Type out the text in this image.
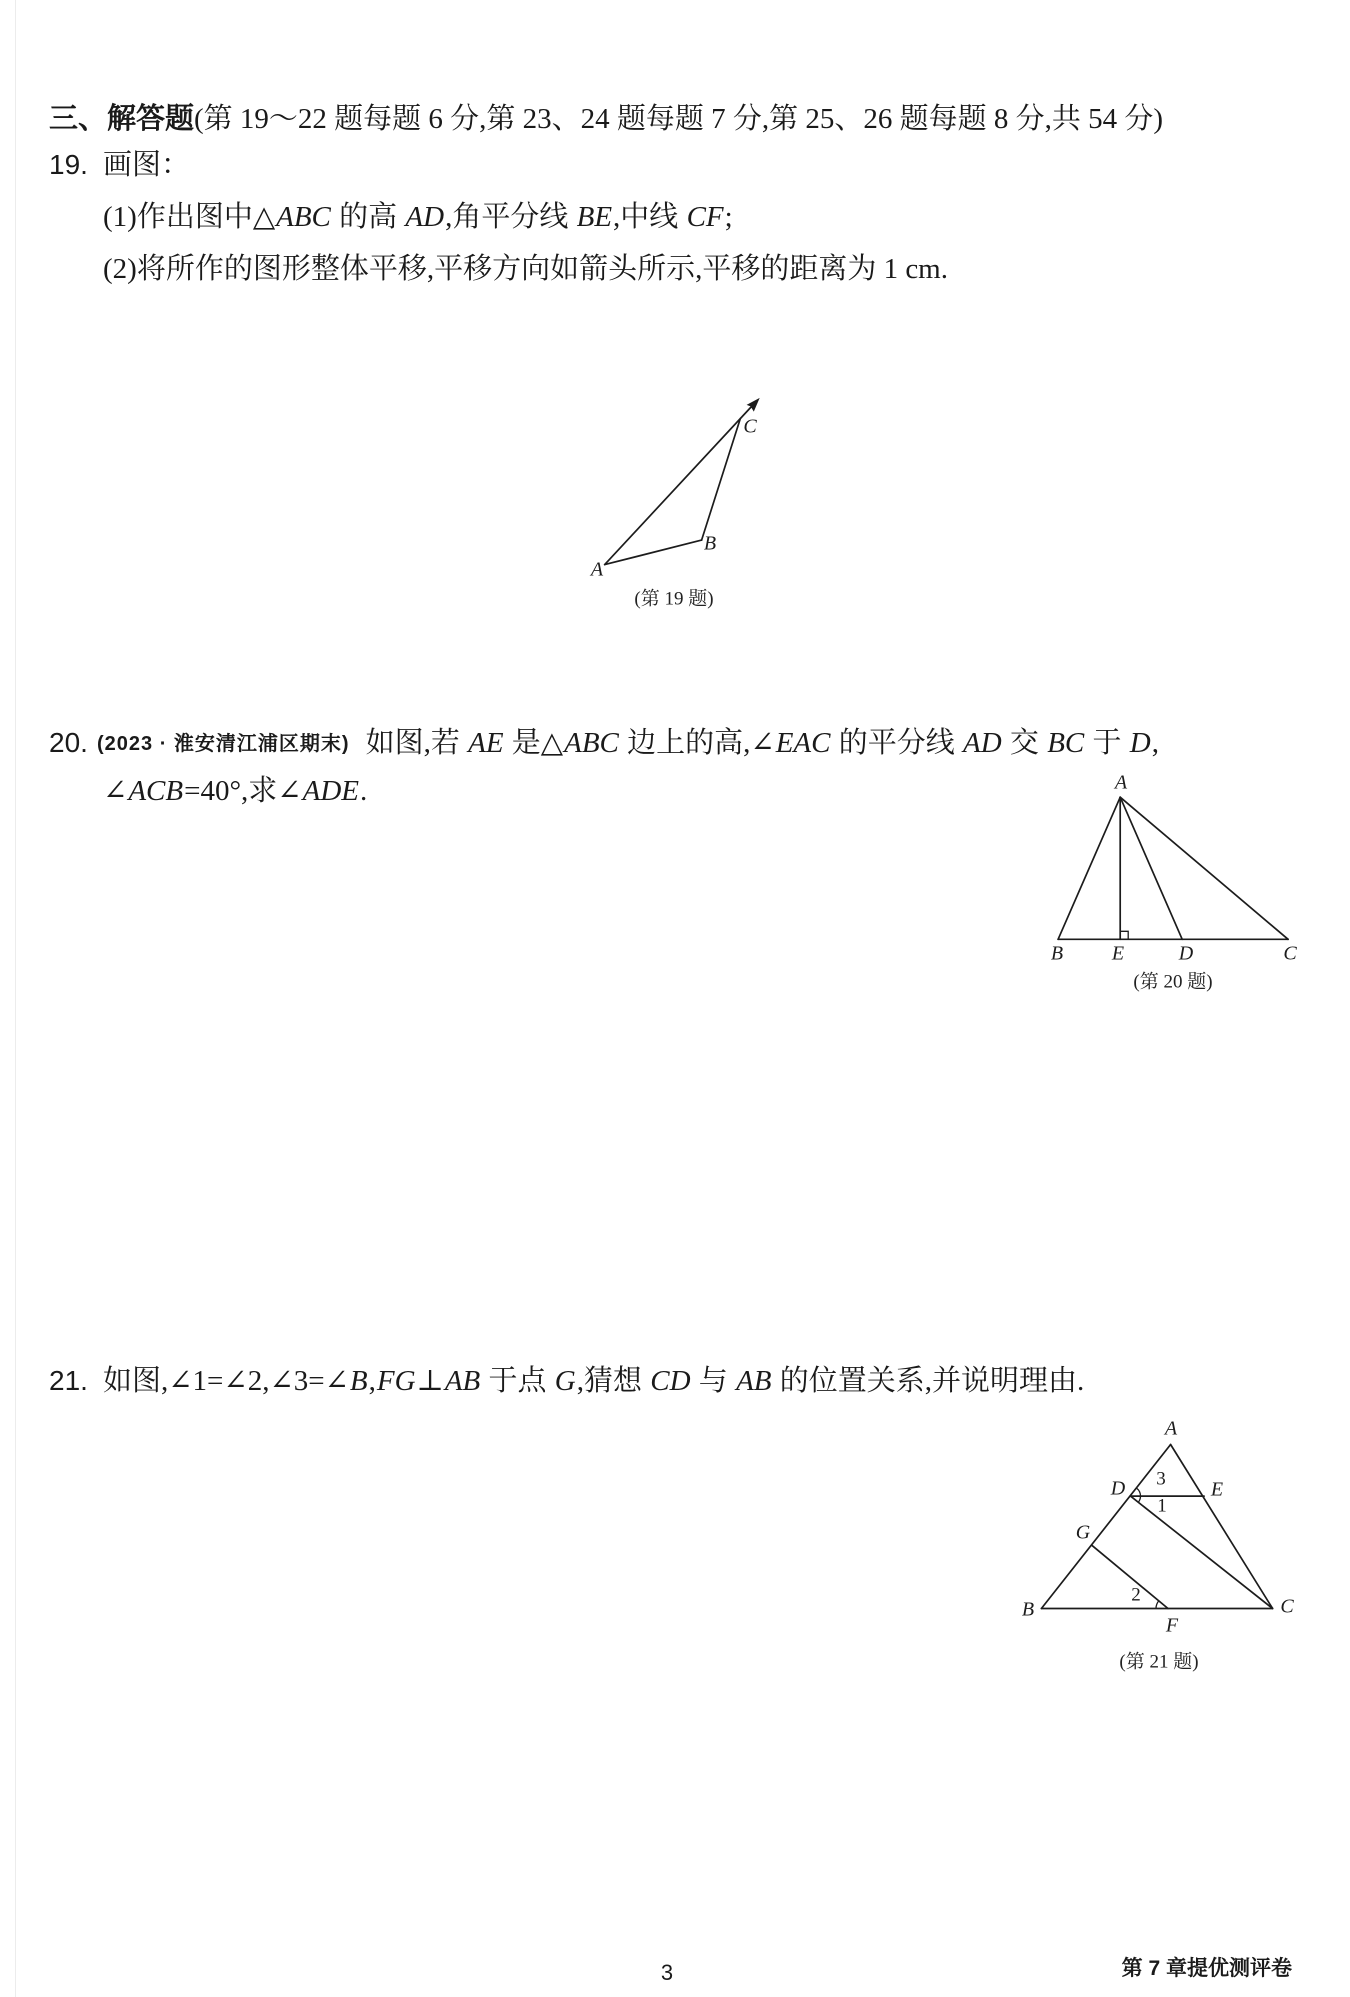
三、解答题(第 19～22 题每题 6 分,第 23、24 题每题 7 分,第 25、26 题每题 8 分,共 54 分)
19. 画图：
(1)作出图中△ABC 的高 AD,角平分线 BE,中线 CF;
(2)将所作的图形整体平移,平移方向如箭头所示,平移的距离为 1 cm.
20. (2023 · 淮安清江浦区期末) 如图,若 AE 是△ABC 边上的高,∠EAC 的平分线 AD 交 BC 于 D,
∠ACB=40°,求∠ADE.
21. 如图,∠1=∠2,∠3=∠B,FG⊥AB 于点 G,猜想 CD 与 AB 的位置关系,并说明理由.
A
B
C
(第 19 题)
A
B E	D	C
(第 20 题)
A
D	E
G
B	C
F
3
1
2
(第 21 题)
3	第 7 章提优测评卷
